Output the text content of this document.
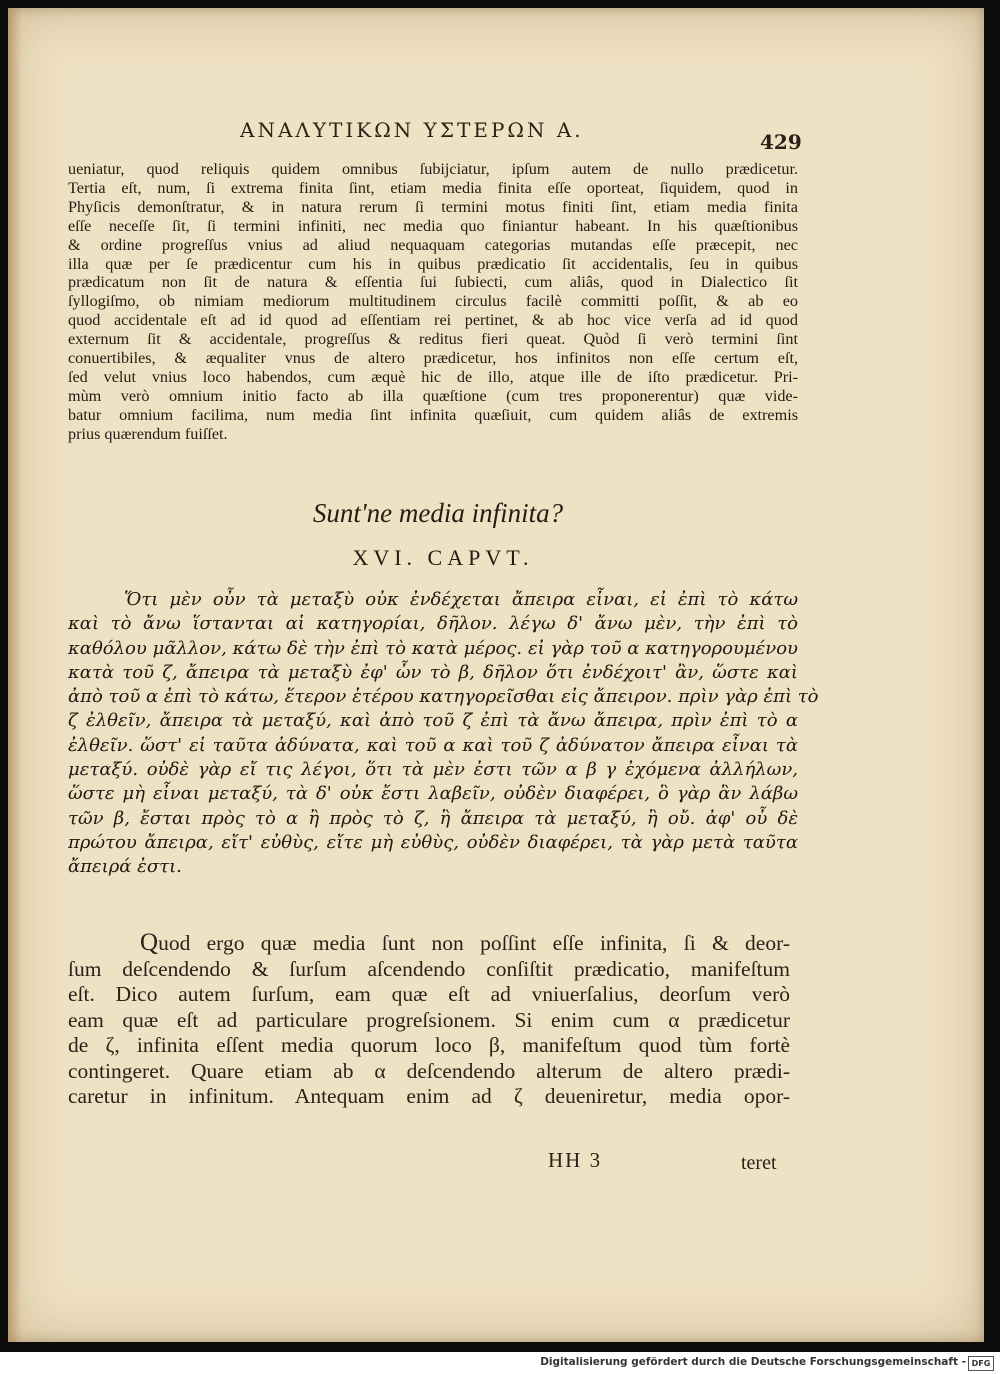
ΑΝΑΛΥΤΙΚΩΝ ΥΣΤΕΡΩΝ Α.	429
ueniatur, quod reliquis quidem omnibus ſubijciatur, ipſum autem de nullo prædicetur.
Tertia eſt, num, ſi extrema finita ſint, etiam media finita eſſe oporteat, ſiquidem, quod in
Phyſicis demonſtratur, & in natura rerum ſi termini motus finiti ſint, etiam media finita
eſſe neceſſe ſit, ſi termini infiniti, nec media quo finiantur habeant. In his quæſtionibus
& ordine progreſſus vnius ad aliud nequaquam categorias mutandas eſſe præcepit, nec
illa quæ per ſe prædicentur cum his in quibus prædicatio ſit accidentalis, ſeu in quibus
prædicatum non ſit de natura & eſſentia ſui ſubiecti, cum aliâs, quod in Dialectico ſit
ſyllogiſmo, ob nimiam mediorum multitudinem circulus facilè committi poſſit, & ab eo
quod accidentale eſt ad id quod ad eſſentiam rei pertinet, & ab hoc vice verſa ad id quod
externum ſit & accidentale, progreſſus & reditus fieri queat. Quòd ſi verò termini ſint
conuertibiles, & æqualiter vnus de altero prædicetur, hos infinitos non eſſe certum eſt,
ſed velut vnius loco habendos, cum æquè hic de illo, atque ille de iſto prædicetur. Pri-
mùm verò omnium initio facto ab illa quæſtione (cum tres proponerentur) quæ vide-
batur omnium facilima, num media ſint infinita quæſiuit, cum quidem aliâs de extremis
prius quærendum fuiſſet.
Sunt'ne media infinita?
XVI. CAPVT.
Ὅτι μὲν οὖν τὰ μεταξὺ οὐκ ἐνδέχεται ἄπειρα εἶναι, εἰ ἐπὶ τὸ κάτω
καὶ τὸ ἄνω ἵστανται αἱ κατηγορίαι, δῆλον. λέγω δ' ἄνω μὲν, τὴν ἐπὶ τὸ
καθόλου μᾶλλον, κάτω δὲ τὴν ἐπὶ τὸ κατὰ μέρος. εἰ γὰρ τοῦ α κατηγορουμένου
κατὰ τοῦ ζ, ἄπειρα τὰ μεταξὺ ἐφ' ὧν τὸ β, δῆλον ὅτι ἐνδέχοιτ' ἂν, ὥστε καὶ
ἀπὸ τοῦ α ἐπὶ τὸ κάτω, ἕτερον ἑτέρου κατηγορεῖσθαι εἰς ἄπειρον. πρὶν γὰρ ἐπὶ τὸ
ζ ἐλθεῖν, ἄπειρα τὰ μεταξύ, καὶ ἀπὸ τοῦ ζ ἐπὶ τὰ ἄνω ἄπειρα, πρὶν ἐπὶ τὸ α
ἐλθεῖν. ὥστ' εἰ ταῦτα ἀδύνατα, καὶ τοῦ α καὶ τοῦ ζ ἀδύνατον ἄπειρα εἶναι τὰ
μεταξύ. οὐδὲ γὰρ εἴ τις λέγοι, ὅτι τὰ μὲν ἐστι τῶν α β γ ἐχόμενα ἀλλήλων,
ὥστε μὴ εἶναι μεταξύ, τὰ δ' οὐκ ἔστι λαβεῖν, οὐδὲν διαφέρει, ὃ γὰρ ἂν λάβω
τῶν β, ἔσται πρὸς τὸ α ἢ πρὸς τὸ ζ, ἢ ἄπειρα τὰ μεταξύ, ἢ οὔ. ἀφ' οὗ δὲ
πρώτου ἄπειρα, εἴτ' εὐθὺς, εἴτε μὴ εὐθὺς, οὐδὲν διαφέρει, τὰ γὰρ μετὰ ταῦτα
ἄπειρά ἐστι.
Quod ergo quæ media ſunt non poſſint eſſe infinita, ſi & deor-
ſum deſcendendo & ſurſum aſcendendo conſiſtit prædicatio, manifeſtum
eſt. Dico autem ſurſum, eam quæ eſt ad vniuerſalius, deorſum verò
eam quæ eſt ad particulare progreſsionem. Si enim cum α prædicetur
de ζ, infinita eſſent media quorum loco β, manifeſtum quod tùm fortè
contingeret. Quare etiam ab α deſcendendo alterum de altero prædi-
caretur in infinitum. Antequam enim ad ζ deueniretur, media opor-
HH 3	teret
Digitalisierung gefördert durch die Deutsche Forschungsgemeinschaft - DFG
